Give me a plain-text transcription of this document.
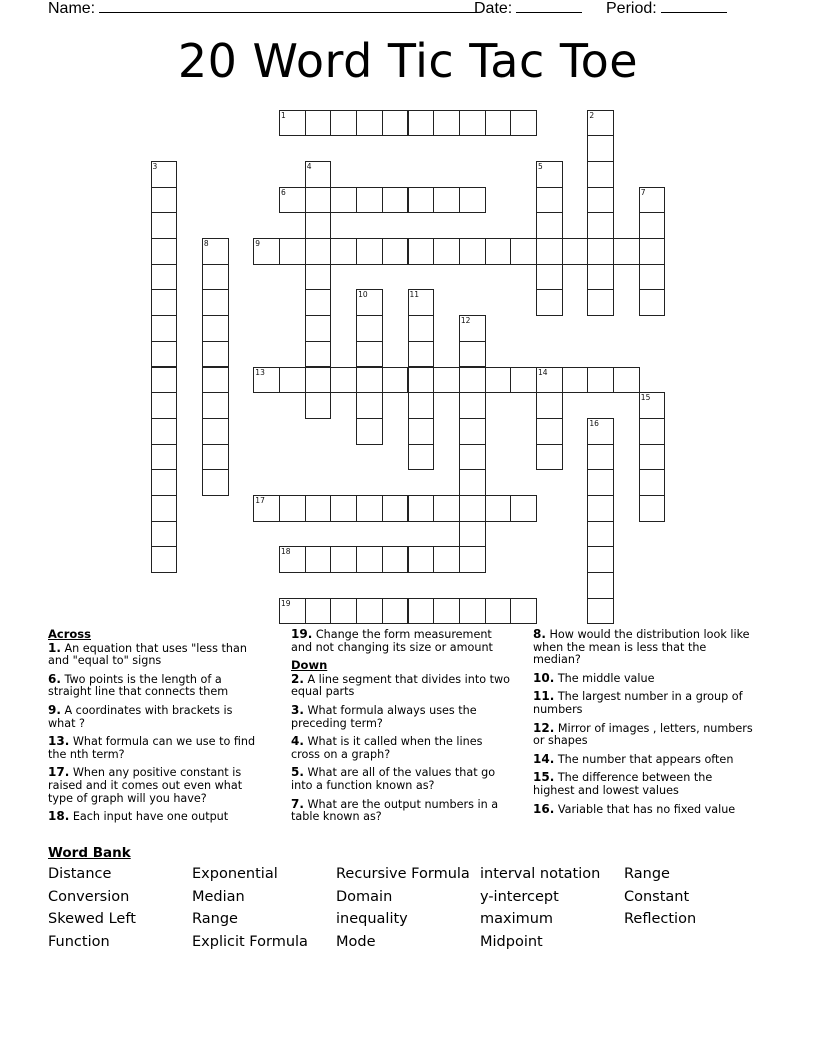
Name:	Date:	Period:
20 Word Tic Tac Toe
1	2
3	4	5
6	7
8	9
10	11
12
13	14
15
16
17
18
19
Across
1. An equation that uses "less than and "equal to" signs
6. Two points is the length of a straight line that connects them
9. A coordinates with brackets is what ?
13. What formula can we use to find the nth term?
17. When any positive constant is raised and it comes out even what type of graph will you have?
18. Each input have one output
19. Change the form measurement and not changing its size or amount
Down
2. A line segment that divides into two equal parts
3. What formula always uses the preceding term?
4. What is it called when the lines cross on a graph?
5. What are all of the values that go into a function known as?
7. What are the output numbers in a table known as?
8. How would the distribution look like when the mean is less that the median?
10. The middle value
11. The largest number in a group of numbers
12. Mirror of images , letters, numbers or shapes
14. The number that appears often
15. The difference between the highest and lowest values
16. Variable that has no fixed value
Word Bank
Distance
Conversion
Skewed Left
Function
Exponential
Median
Range
Explicit Formula
Recursive Formula
Domain
inequality
Mode
interval notation
y-intercept
maximum
Midpoint
Range
Constant
Reflection
